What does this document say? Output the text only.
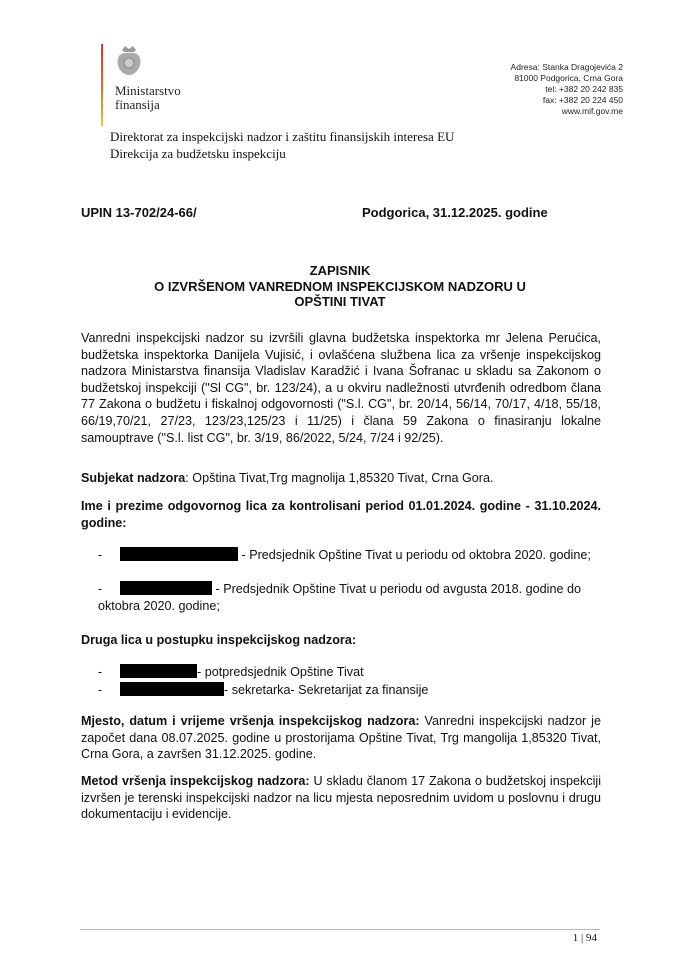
Ministarstvo
finansija
Adresa: Stanka Dragojevića 2
81000 Podgorica, Crna Gora
tel: +382 20 242 835
fax: +382 20 224 450
www.mif.gov.me
Direktorat za inspekcijski nadzor i zaštitu finansijskih interesa EU
Direkcija za budžetsku inspekciju
UPIN 13-702/24-66/	Podgorica, 31.12.2025. godine
ZAPISNIK
O IZVRŠENOM VANREDNOM INSPEKCIJSKOM NADZORU U
OPŠTINI TIVAT
Vanredni inspekcijski nadzor su izvršili glavna budžetska inspektorka mr Jelena Perućica, budžetska inspektorka Danijela Vujisić, i ovlašćena službena lica za vršenje inspekcijskog nadzora Ministarstva finansija Vladislav Karadžić i Ivana Šofranac u skladu sa Zakonom o budžetskoj inspekciji ("Sl CG", br. 123/24), a u okviru nadležnosti utvrđenih odredbom člana 77 Zakona o budžetu i fiskalnoj odgovornosti ("S.l. CG", br. 20/14, 56/14, 70/17, 4/18, 55/18, 66/19,70/21, 27/23, 123/23,125/23 i 11/25) i člana 59 Zakona o finasiranju lokalne samouptrave ("S.l. list CG", br. 3/19, 86/2022, 5/24, 7/24 i 92/25).
Subjekat nadzora: Opština Tivat,Trg magnolija 1,85320 Tivat, Crna Gora.
Ime i prezime odgovornog lica za kontrolisani period 01.01.2024. godine - 31.10.2024. godine:
-	- Predsjednik Opštine Tivat u periodu od oktobra 2020. godine;
-	- Predsjednik Opštine Tivat u periodu od avgusta 2018. godine do oktobra 2020. godine;
Druga lica u postupku inspekcijskog nadzora:
-	- potpredsjednik Opštine Tivat
-	- sekretarka- Sekretarijat za finansije
Mjesto, datum i vrijeme vršenja inspekcijskog nadzora: Vanredni inspekcijski nadzor je započet dana 08.07.2025. godine u prostorijama Opštine Tivat, Trg mangolija 1,85320 Tivat, Crna Gora, a završen 31.12.2025. godine.
Metod vršenja inspekcijskog nadzora: U skladu članom 17 Zakona o budžetskoj inspekciji izvršen je terenski inspekcijski nadzor na licu mjesta neposrednim uvidom u poslovnu i drugu dokumentaciju i evidencije.
1 | 94
